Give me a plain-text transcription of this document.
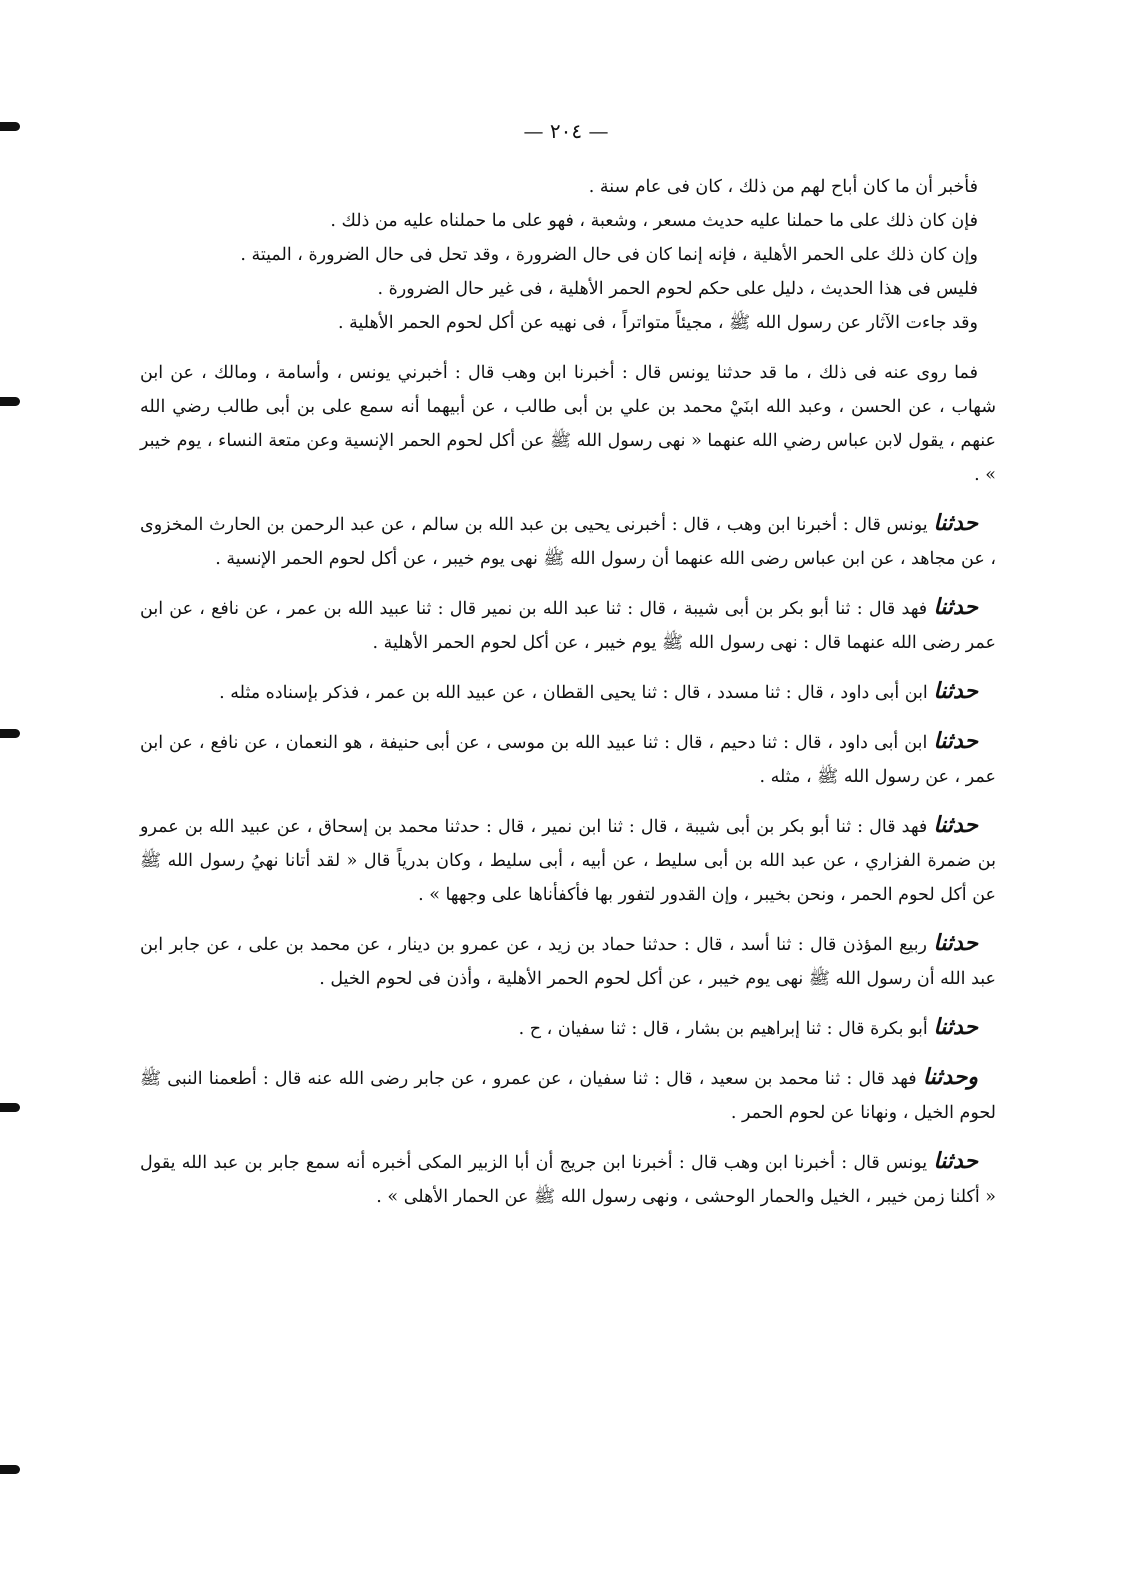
— ٢٠٤ —

فأخبر أن ما كان أباح لهم من ذلك ، كان فى عام سنة .

فإن كان ذلك على ما حملنا عليه حديث مسعر ، وشعبة ، فهو على ما حملناه عليه من ذلك .

وإن كان ذلك على الحمر الأهلية ، فإنه إنما كان فى حال الضرورة ، وقد تحل فى حال الضرورة ، الميتة .

فليس فى هذا الحديث ، دليل على حكم لحوم الحمر الأهلية ، فى غير حال الضرورة .

وقد جاءت الآثار عن رسول الله ﷺ ، مجيئاً متواتراً ، فى نهيه عن أكل لحوم الحمر الأهلية .

فما روى عنه فى ذلك ، ما قد حدثنا يونس قال : أخبرنا ابن وهب قال : أخبرني يونس ، وأسامة ، ومالك ، عن ابن شهاب ، عن الحسن ، وعبد الله ابنَيْ محمد بن علي بن أبى طالب ، عن أبيهما أنه سمع على بن أبى طالب رضي الله عنهم ، يقول لابن عباس رضي الله عنهما « نهى رسول الله ﷺ عن أكل لحوم الحمر الإنسية وعن متعة النساء ، يوم خيبر » .

حدثنا يونس قال : أخبرنا ابن وهب ، قال : أخبرنى يحيى بن عبد الله بن سالم ، عن عبد الرحمن بن الحارث المخزوى ، عن مجاهد ، عن ابن عباس رضى الله عنهما أن رسول الله ﷺ نهى يوم خيبر ، عن أكل لحوم الحمر الإنسية .

حدثنا فهد قال : ثنا أبو بكر بن أبى شيبة ، قال : ثنا عبد الله بن نمير قال : ثنا عبيد الله بن عمر ، عن نافع ، عن ابن عمر رضى الله عنهما قال : نهى رسول الله ﷺ يوم خيبر ، عن أكل لحوم الحمر الأهلية .

حدثنا ابن أبى داود ، قال : ثنا مسدد ، قال : ثنا يحيى القطان ، عن عبيد الله بن عمر ، فذكر بإسناده مثله .

حدثنا ابن أبى داود ، قال : ثنا دحيم ، قال : ثنا عبيد الله بن موسى ، عن أبى حنيفة ، هو النعمان ، عن نافع ، عن ابن عمر ، عن رسول الله ﷺ ، مثله .

حدثنا فهد قال : ثنا أبو بكر بن أبى شيبة ، قال : ثنا ابن نمير ، قال : حدثنا محمد بن إسحاق ، عن عبيد الله بن عمرو بن ضمرة الفزاري ، عن عبد الله بن أبى سليط ، عن أبيه ، أبى سليط ، وكان بدرياً قال « لقد أتانا نهيُ رسول الله ﷺ عن أكل لحوم الحمر ، ونحن بخيبر ، وإن القدور لتفور بها فأكفأناها على وجهها » .

حدثنا ربيع المؤذن قال : ثنا أسد ، قال : حدثنا حماد بن زيد ، عن عمرو بن دينار ، عن محمد بن على ، عن جابر ابن عبد الله أن رسول الله ﷺ نهى يوم خيبر ، عن أكل لحوم الحمر الأهلية ، وأذن فى لحوم الخيل .

حدثنا أبو بكرة قال : ثنا إبراهيم بن بشار ، قال : ثنا سفيان ، ح .

وحدثنا فهد قال : ثنا محمد بن سعيد ، قال : ثنا سفيان ، عن عمرو ، عن جابر رضى الله عنه قال : أطعمنا النبى ﷺ لحوم الخيل ، ونهانا عن لحوم الحمر .

حدثنا يونس قال : أخبرنا ابن وهب قال : أخبرنا ابن جريج أن أبا الزبير المكى أخبره أنه سمع جابر بن عبد الله يقول « أكلنا زمن خيبر ، الخيل والحمار الوحشى ، ونهى رسول الله ﷺ عن الحمار الأهلى » .
